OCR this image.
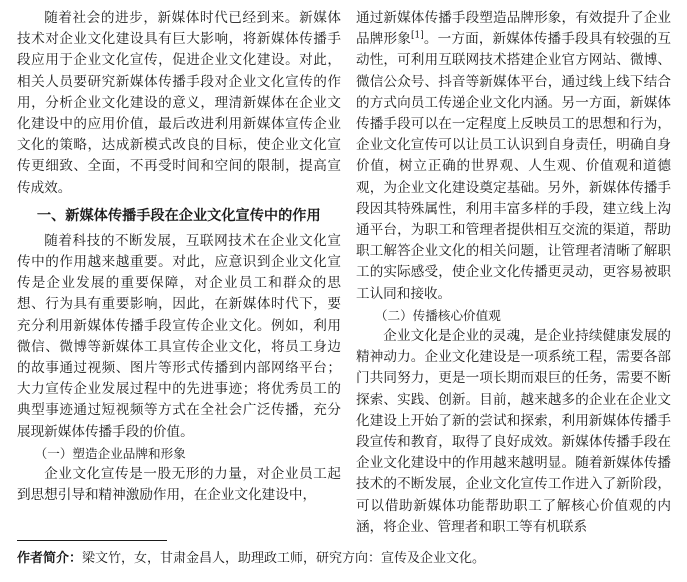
随着社会的进步，新媒体时代已经到来。新媒体技术对企业文化建设具有巨大影响，将新媒体传播手段应用于企业文化宣传，促进企业文化建设。对此，相关人员要研究新媒体传播手段对企业文化宣传的作用，分析企业文化建设的意义，理清新媒体在企业文化建设中的应用价值，最后改进利用新媒体宣传企业文化的策略，达成新模式改良的目标，使企业文化宣传更细致、全面，不再受时间和空间的限制，提高宣传成效。

一、新媒体传播手段在企业文化宣传中的作用

随着科技的不断发展，互联网技术在企业文化宣传中的作用越来越重要。对此，应意识到企业文化宣传是企业发展的重要保障，对企业员工和群众的思想、行为具有重要影响，因此，在新媒体时代下，要充分利用新媒体传播手段宣传企业文化。例如，利用微信、微博等新媒体工具宣传企业文化，将员工身边的故事通过视频、图片等形式传播到内部网络平台；大力宣传企业发展过程中的先进事迹；将优秀员工的典型事迹通过短视频等方式在全社会广泛传播，充分展现新媒体传播手段的价值。

（一）塑造企业品牌和形象

企业文化宣传是一股无形的力量，对企业员工起到思想引导和精神激励作用，在企业文化建设中，

通过新媒体传播手段塑造品牌形象，有效提升了企业品牌形象[1]。一方面，新媒体传播手段具有较强的互动性，可利用互联网技术搭建企业官方网站、微博、微信公众号、抖音等新媒体平台，通过线上线下结合的方式向员工传递企业文化内涵。另一方面，新媒体传播手段可以在一定程度上反映员工的思想和行为，企业文化宣传可以让员工认识到自身责任，明确自身价值，树立正确的世界观、人生观、价值观和道德观，为企业文化建设奠定基础。另外，新媒体传播手段因其特殊属性，利用丰富多样的手段，建立线上沟通平台，为职工和管理者提供相互交流的渠道，帮助职工解答企业文化的相关问题，让管理者清晰了解职工的实际感受，使企业文化传播更灵动，更容易被职工认同和接收。

（二）传播核心价值观

企业文化是企业的灵魂，是企业持续健康发展的精神动力。企业文化建设是一项系统工程，需要各部门共同努力，更是一项长期而艰巨的任务，需要不断探索、实践、创新。目前，越来越多的企业在企业文化建设上开始了新的尝试和探索，利用新媒体传播手段宣传和教育，取得了良好成效。新媒体传播手段在企业文化建设中的作用越来越明显。随着新媒体传播技术的不断发展，企业文化宣传工作进入了新阶段，可以借助新媒体功能帮助职工了解核心价值观的内涵，将企业、管理者和职工等有机联系

作者简介：梁文竹，女，甘肃金昌人，助理政工师，研究方向：宣传及企业文化。
